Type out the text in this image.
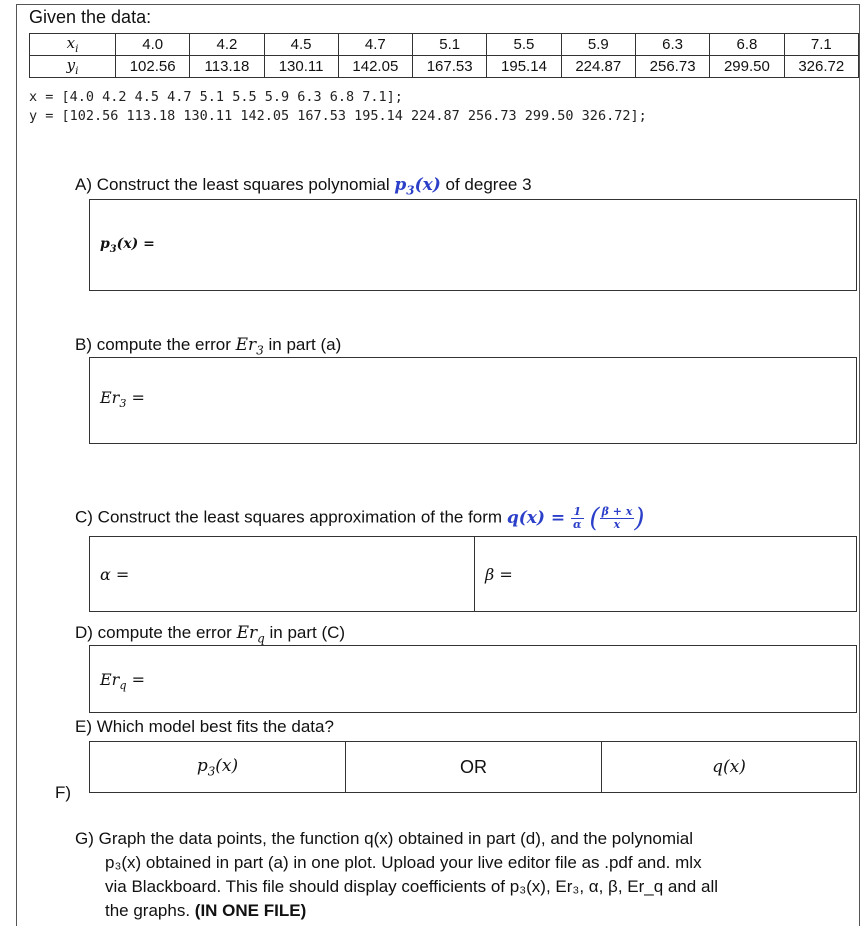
Given the data:
$x_i$	4.0	4.2	4.5	4.7	5.1	5.5	5.9	6.3	6.8	7.1
$y_i$	102.56	113.18	130.11	142.05	167.53	195.14	224.87	256.73	299.50	326.72
x = [4.0 4.2 4.5 4.7 5.1 5.5 5.9 6.3 6.8 7.1];
y = [102.56 113.18 130.11 142.05 167.53 195.14 224.87 256.73 299.50 326.72];
A) Construct the least squares polynomial $p_3(x)$ of degree 3
$p_3(x)$ =
B) compute the error $Er_3$ in part (a)
$Er_3$ =
C) Construct the least squares approximation of the form $q(x) = \frac{1}{\alpha}$ ( $\frac{\beta + x}{x}$ )
α =	β =
D) compute the error $Er_q$ in part (C)
$Er_q$ =
E) Which model best fits the data?
$p_3(x)$	OR	q(x)
F)
G) Graph the data points, the function q(x) obtained in part (d), and the polynomial
p₃(x) obtained in part (a) in one plot. Upload your live editor file as .pdf and. mlx
via Blackboard. This file should display coefficients of p₃(x), Er₃, α, β, Er_q and all
the graphs. (IN ONE FILE)
